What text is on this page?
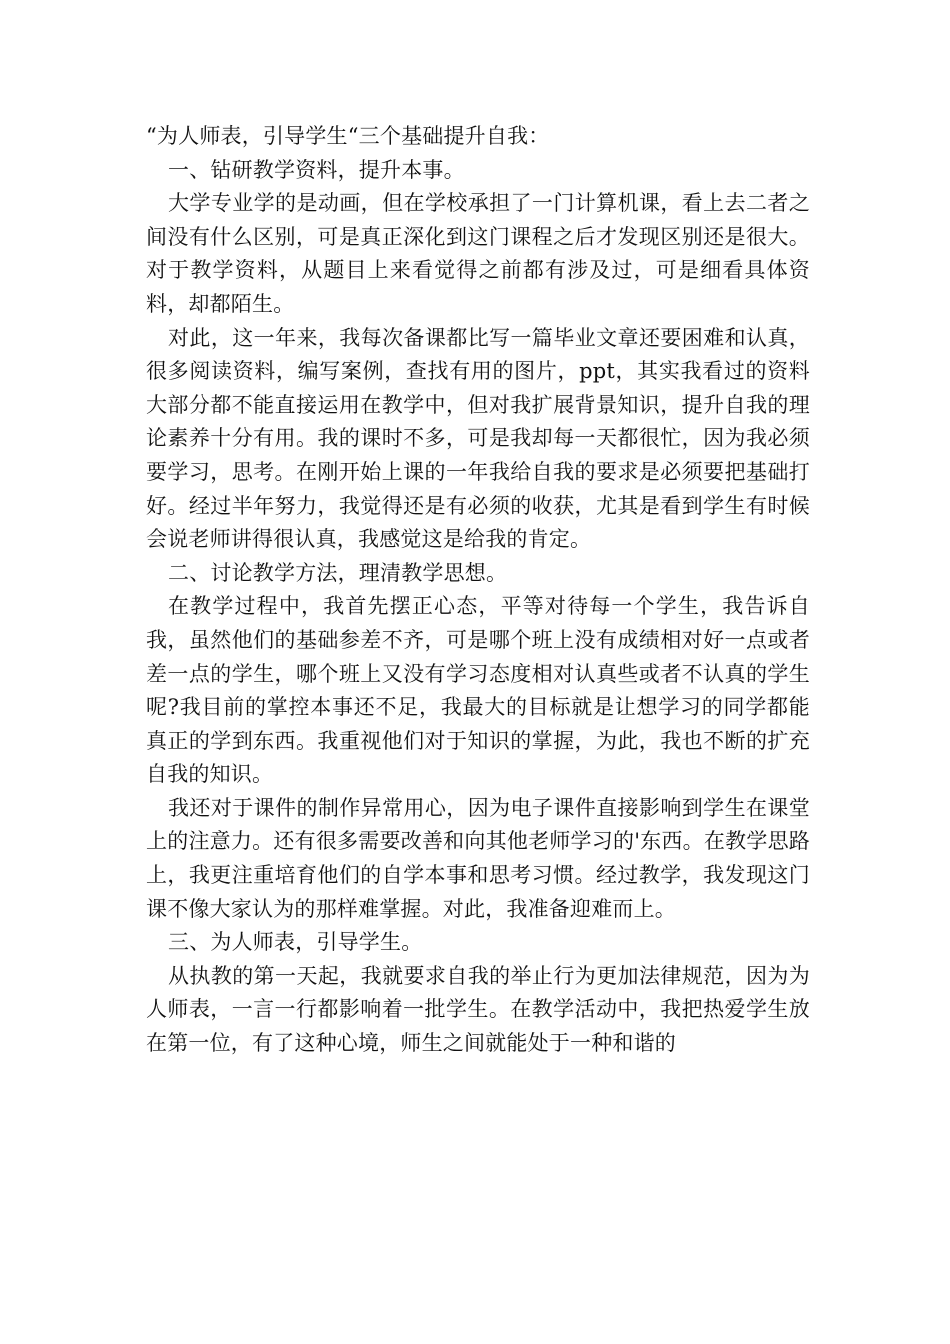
“为人师表，引导学生“三个基础提升自我：

一、钻研教学资料，提升本事。

大学专业学的是动画，但在学校承担了一门计算机课，看上去二者之间没有什么区别，可是真正深化到这门课程之后才发现区别还是很大。对于教学资料，从题目上来看觉得之前都有涉及过，可是细看具体资料，却都陌生。

对此，这一年来，我每次备课都比写一篇毕业文章还要困难和认真，很多阅读资料，编写案例，查找有用的图片，ppt，其实我看过的资料大部分都不能直接运用在教学中，但对我扩展背景知识，提升自我的理论素养十分有用。我的课时不多，可是我却每一天都很忙，因为我必须要学习，思考。在刚开始上课的一年我给自我的要求是必须要把基础打好。经过半年努力，我觉得还是有必须的收获，尤其是看到学生有时候会说老师讲得很认真，我感觉这是给我的肯定。

二、讨论教学方法，理清教学思想。

在教学过程中，我首先摆正心态，平等对待每一个学生，我告诉自我，虽然他们的基础参差不齐，可是哪个班上没有成绩相对好一点或者差一点的学生，哪个班上又没有学习态度相对认真些或者不认真的学生呢?我目前的掌控本事还不足，我最大的目标就是让想学习的同学都能真正的学到东西。我重视他们对于知识的掌握，为此，我也不断的扩充自我的知识。

我还对于课件的制作异常用心，因为电子课件直接影响到学生在课堂上的注意力。还有很多需要改善和向其他老师学习的'东西。在教学思路上，我更注重培育他们的自学本事和思考习惯。经过教学，我发现这门课不像大家认为的那样难掌握。对此，我准备迎难而上。

三、为人师表，引导学生。

从执教的第一天起，我就要求自我的举止行为更加法律规范，因为为人师表，一言一行都影响着一批学生。在教学活动中，我把热爱学生放在第一位，有了这种心境，师生之间就能处于一种和谐的
